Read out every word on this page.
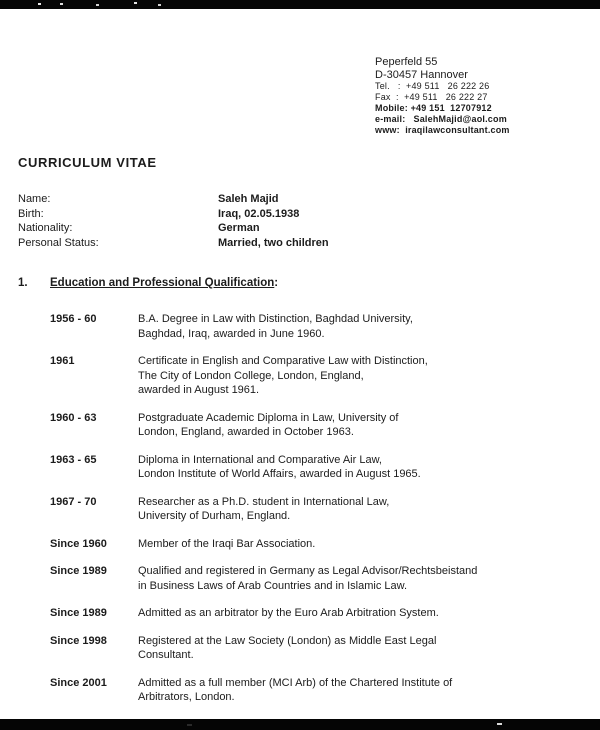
Peperfeld 55
D-30457 Hannover
Tel.   :  +49 511   26 222 26
Fax  :  +49 511   26 222 27
Mobile: +49 151  12707912
e-mail:   SalehMajid@aol.com
www:  iraqilawconsultant.com
CURRICULUM VITAE
Name:	Saleh Majid
Birth:	Iraq, 02.05.1938
Nationality:	German
Personal Status:	Married, two children
1.	Education and Professional Qualification:
1956 - 60	B.A. Degree in Law with Distinction, Baghdad University,
Baghdad, Iraq, awarded in June 1960.
1961	Certificate in English and Comparative Law with Distinction,
The City of London College, London, England,
awarded in August 1961.
1960 - 63	Postgraduate Academic Diploma in Law, University of
London, England, awarded in October 1963.
1963 - 65	Diploma in International and Comparative Air Law,
London Institute of World Affairs, awarded in August 1965.
1967 - 70	Researcher as a Ph.D. student in International Law,
University of Durham, England.
Since 1960	Member of the Iraqi Bar Association.
Since 1989	Qualified and registered in Germany as Legal Advisor/Rechtsbeistand
in Business Laws of Arab Countries and in Islamic Law.
Since 1989	Admitted as an arbitrator by the Euro Arab Arbitration System.
Since 1998	Registered at the Law Society (London) as Middle East Legal
Consultant.
Since 2001	Admitted as a full member (MCI Arb) of the Chartered Institute of
Arbitrators, London.
